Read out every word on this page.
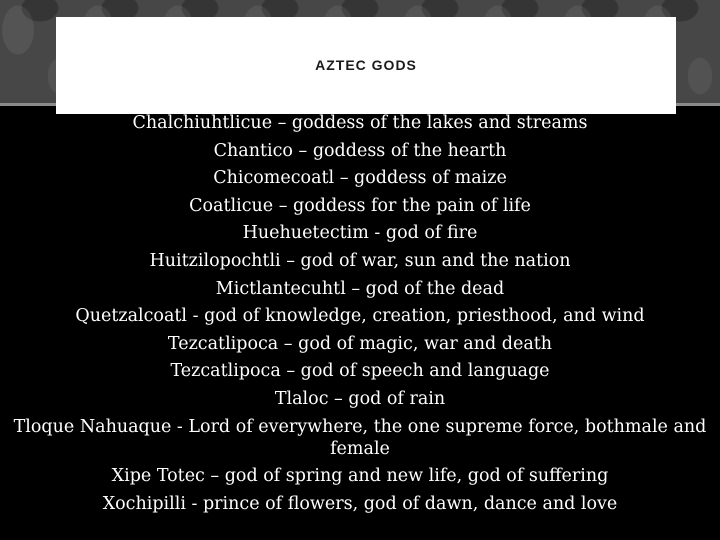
AZTEC GODS
Chalchiuhtlicue – goddess of the lakes and streams
Chantico – goddess of the hearth
Chicomecoatl – goddess of maize
Coatlicue – goddess for the pain of life
Huehuetectim - god of fire
Huitzilopochtli – god of war, sun and the nation
Mictlantecuhtl – god of the dead
Quetzalcoatl - god of knowledge, creation, priesthood, and wind
Tezcatlipoca – god of magic, war and death
Tezcatlipoca – god of speech and language
Tlaloc – god of rain
Tloque Nahuaque - Lord of everywhere, the one supreme force, bothmale and female
Xipe Totec – god of spring and new life, god of suffering
Xochipilli - prince of flowers, god of dawn, dance and love
